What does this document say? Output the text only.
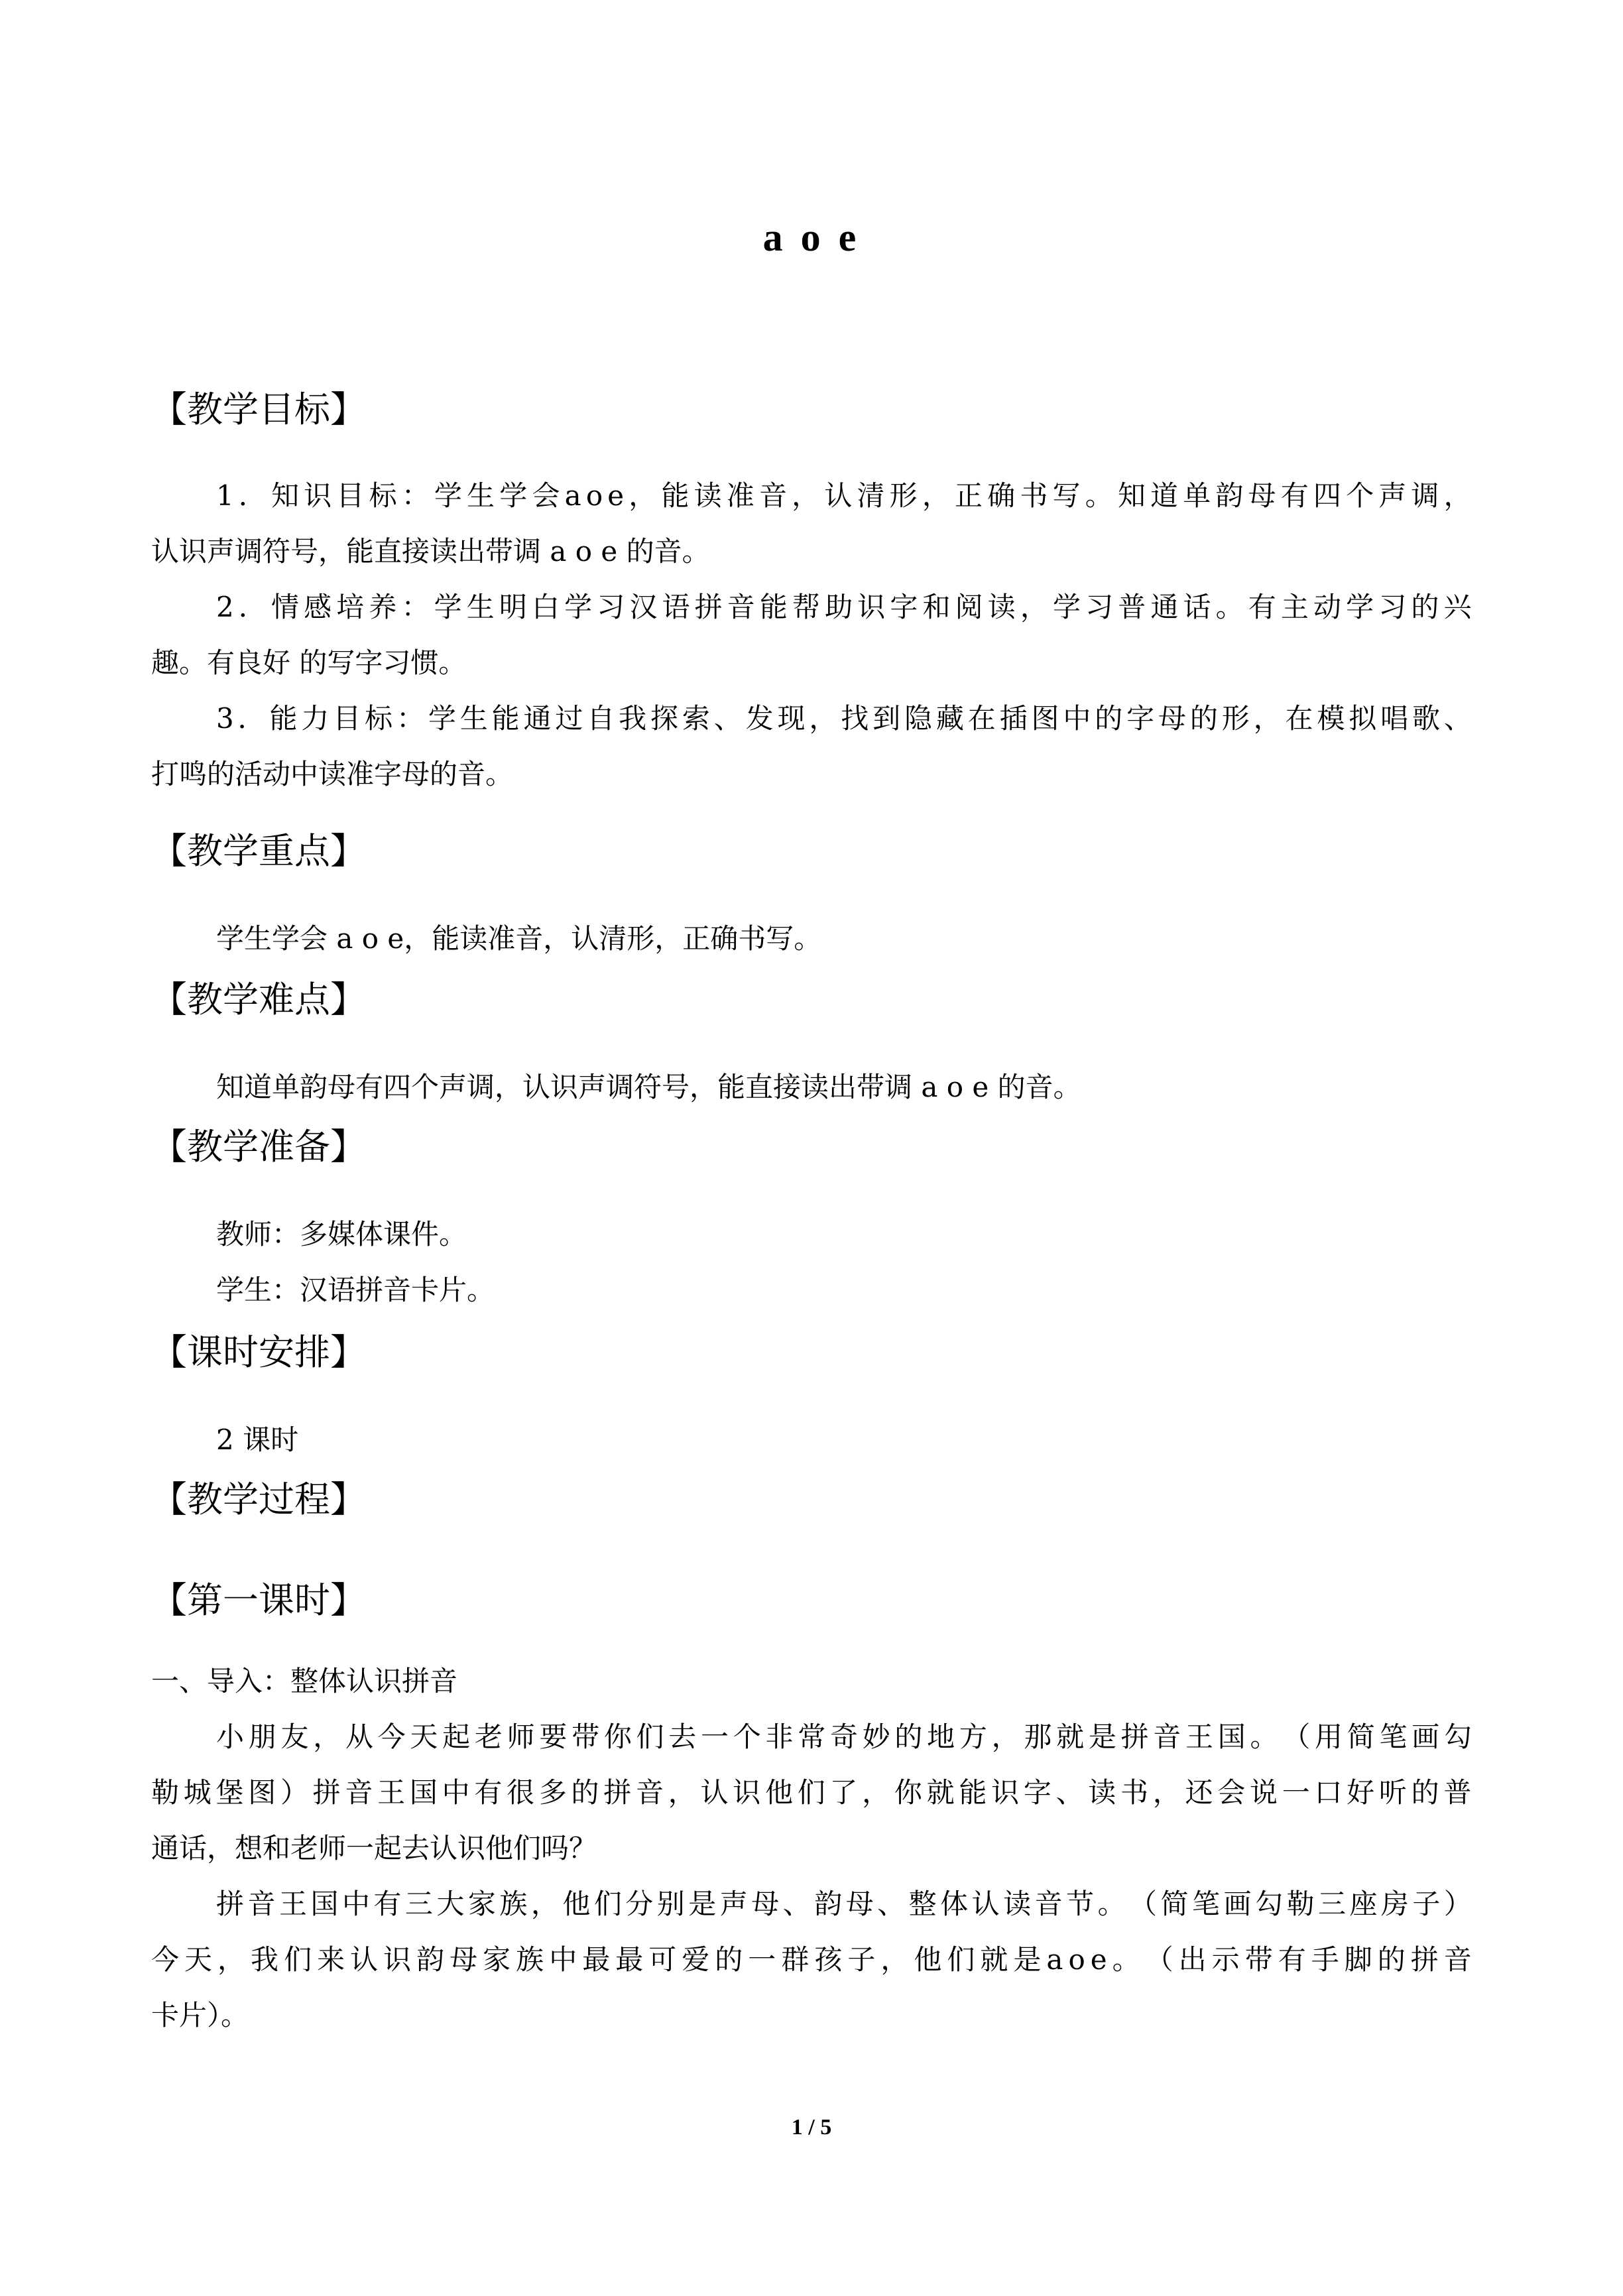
a o e
【教学目标】
1 ． 知 识 目 标 ： 学 生 学 会 a o e ， 能 读 准 音 ， 认 清 形 ， 正 确 书 写 。 知 道 单 韵 母 有 四 个 声 调 ，
认识声调符号，能直接读出带调 a o e 的音。
2 ． 情 感 培 养 ： 学 生 明 白 学 习 汉 语 拼 音 能 帮 助 识 字 和 阅 读 ， 学 习 普 通 话 。 有 主 动 学 习 的 兴
趣。有良好 的写字习惯。
3 ． 能 力 目 标 ： 学 生 能 通 过 自 我 探 索 、 发 现 ， 找 到 隐 藏 在 插 图 中 的 字 母 的 形 ， 在 模 拟 唱 歌 、
打鸣的活动中读准字母的音。
【教学重点】
学生学会 a o e，能读准音，认清形，正确书写。
【教学难点】
知道单韵母有四个声调，认识声调符号，能直接读出带调 a o e 的音。
【教学准备】
教师：多媒体课件。
学生：汉语拼音卡片。
【课时安排】
2 课时
【教学过程】
【第一课时】
一、导入：整体认识拼音
小 朋 友 ， 从 今 天 起 老 师 要 带 你 们 去 一 个 非 常 奇 妙 的 地 方 ， 那 就 是 拼 音 王 国 。 （ 用 简 笔 画 勾
勒 城 堡 图 ） 拼 音 王 国 中 有 很 多 的 拼 音 ， 认 识 他 们 了 ， 你 就 能 识 字 、 读 书 ， 还 会 说 一 口 好 听 的 普
通话，想和老师一起去认识他们吗？
拼 音 王 国 中 有 三 大 家 族 ， 他 们 分 别 是 声 母 、 韵 母 、 整 体 认 读 音 节 。 （ 简 笔 画 勾 勒 三 座 房 子 ）
今 天 ， 我 们 来 认 识 韵 母 家 族 中 最 最 可 爱 的 一 群 孩 子 ， 他 们 就 是 a o e 。 （ 出 示 带 有 手 脚 的 拼 音
卡片）。
1 / 5
